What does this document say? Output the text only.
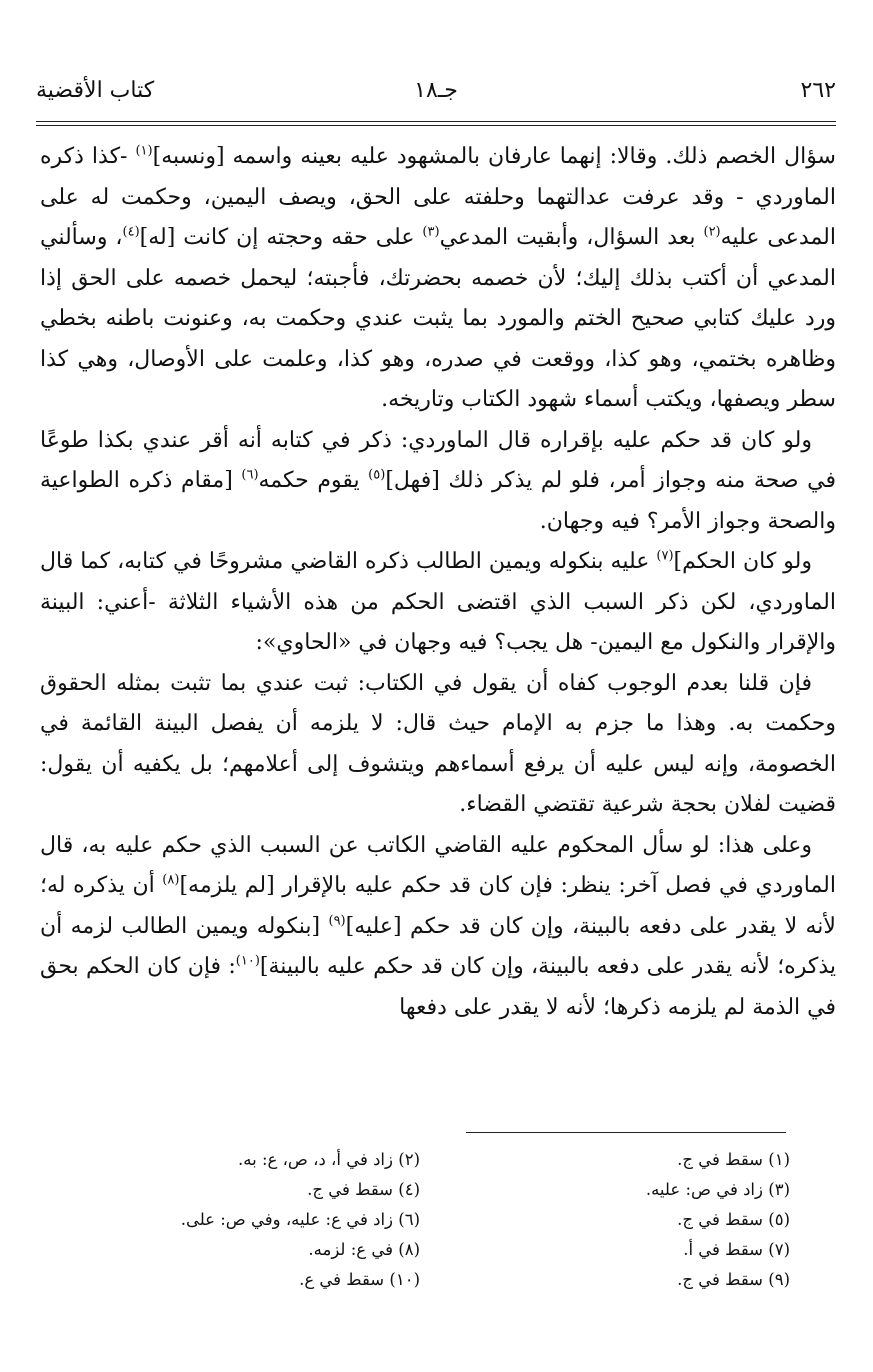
٢٦٢
جـ١٨
كتاب الأقضية

سؤال الخصم ذلك. وقالا: إنهما عارفان بالمشهود عليه بعينه واسمه [ونسبه]$^{(١)}$ -كذا ذكره الماوردي - وقد عرفت عدالتهما وحلفته على الحق، ويصف اليمين، وحكمت له على المدعى عليه$^{(٢)}$ بعد السؤال، وأبقيت المدعي$^{(٣)}$ على حقه وحجته إن كانت [له]$^{(٤)}$، وسألني المدعي أن أكتب بذلك إليك؛ لأن خصمه بحضرتك، فأجبته؛ ليحمل خصمه على الحق إذا ورد عليك كتابي صحيح الختم والمورد بما يثبت عندي وحكمت به، وعنونت باطنه بخطي وظاهره بختمي، وهو كذا، ووقعت في صدره، وهو كذا، وعلمت على الأوصال، وهي كذا سطر ويصفها، ويكتب أسماء شهود الكتاب وتاريخه.

ولو كان قد حكم عليه بإقراره قال الماوردي: ذكر في كتابه أنه أقر عندي بكذا طوعًا في صحة منه وجواز أمر، فلو لم يذكر ذلك [فهل]$^{(٥)}$ يقوم حكمه$^{(٦)}$ [مقام ذكره الطواعية والصحة وجواز الأمر؟ فيه وجهان.

ولو كان الحكم]$^{(٧)}$ عليه بنكوله ويمين الطالب ذكره القاضي مشروحًا في كتابه، كما قال الماوردي، لكن ذكر السبب الذي اقتضى الحكم من هذه الأشياء الثلاثة -أعني: البينة والإقرار والنكول مع اليمين- هل يجب؟ فيه وجهان في «الحاوي»:

فإن قلنا بعدم الوجوب كفاه أن يقول في الكتاب: ثبت عندي بما تثبت بمثله الحقوق وحكمت به. وهذا ما جزم به الإمام حيث قال: لا يلزمه أن يفصل البينة القائمة في الخصومة، وإنه ليس عليه أن يرفع أسماءهم ويتشوف إلى أعلامهم؛ بل يكفيه أن يقول: قضيت لفلان بحجة شرعية تقتضي القضاء.

وعلى هذا: لو سأل المحكوم عليه القاضي الكاتب عن السبب الذي حكم عليه به، قال الماوردي في فصل آخر: ينظر: فإن كان قد حكم عليه بالإقرار [لم يلزمه]$^{(٨)}$ أن يذكره له؛ لأنه لا يقدر على دفعه بالبينة، وإن كان قد حكم [عليه]$^{(٩)}$ [بنكوله ويمين الطالب لزمه أن يذكره؛ لأنه يقدر على دفعه بالبينة، وإن كان قد حكم عليه بالبينة]$^{(١٠)}$: فإن كان الحكم بحق في الذمة لم يلزمه ذكرها؛ لأنه لا يقدر على دفعها

(١) سقط في ج.
(٣) زاد في ص: عليه.
(٥) سقط في ج.
(٧) سقط في أ.
(٩) سقط في ج.
(٢) زاد في أ، د، ص، ع: به.
(٤) سقط في ج.
(٦) زاد في ع: عليه، وفي ص: على.
(٨) في ع: لزمه.
(١٠) سقط في ع.
